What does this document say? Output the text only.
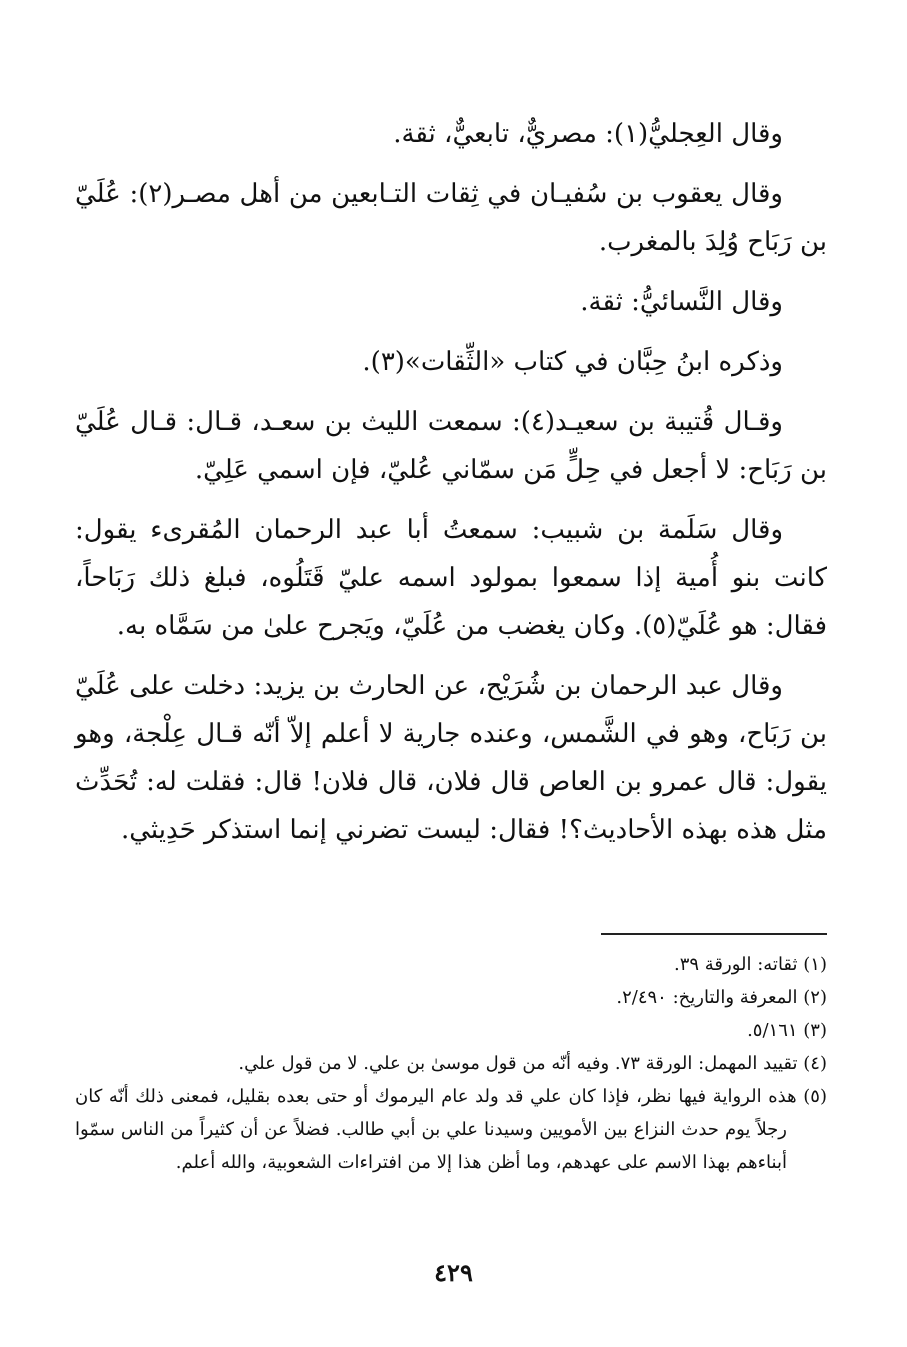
وقال العِجليُّ(١): مصريٌّ، تابعيٌّ، ثقة.

وقال يعقوب بن سُفيـان في ثِقات التـابعين من أهل مصـر(٢): عُلَيّ بن رَبَاح وُلِدَ بالمغرب.

وقال النَّسائيُّ: ثقة.

وذكره ابنُ حِبَّان في كتاب «الثِّقات»(٣).

وقـال قُتيبة بن سعيـد(٤): سمعت الليث بن سعـد، قـال: قـال عُلَيّ بن رَبَاح: لا أجعل في حِلٍّ مَن سمّاني عُليّ، فإن اسمي عَلِيّ.

وقال سَلَمة بن شبيب: سمعتُ أبا عبد الرحمان المُقرىء يقول: كانت بنو أُمية إذا سمعوا بمولود اسمه عليّ قَتَلُوه، فبلغ ذلك رَبَاحاً، فقال: هو عُلَيّ(٥). وكان يغضب من عُلَيّ، ويَجرح علىٰ من سَمَّاه به.

وقال عبد الرحمان بن شُرَيْح، عن الحارث بن يزيد: دخلت على عُلَيّ بن رَبَاح، وهو في الشَّمس، وعنده جارية لا أعلم إلاّ أنّه قـال عِلْجة، وهو يقول: قال عمرو بن العاص قال فلان، قال فلان! قال: فقلت له: تُحَدِّث مثل هذه بهذه الأحاديث؟! فقال: ليست تضرني إنما استذكر حَدِيثي.

(١) ثقاته: الورقة ٣٩.

(٢) المعرفة والتاريخ: ٢/٤٩٠.

(٣) ٥/١٦١.

(٤) تقييد المهمل: الورقة ٧٣. وفيه أنّه من قول موسىٰ بن علي. لا من قول علي.

(٥) هذه الرواية فيها نظر، فإذا كان علي قد ولد عام اليرموك أو حتى بعده بقليل، فمعنى ذلك أنّه كان رجلاً يوم حدث النزاع بين الأمويين وسيدنا علي بن أبي طالب. فضلاً عن أن كثيراً من الناس سمّوا أبناءهم بهذا الاسم على عهدهم، وما أظن هذا إلا من افتراءات الشعوبية، والله أعلم.

٤٢٩
